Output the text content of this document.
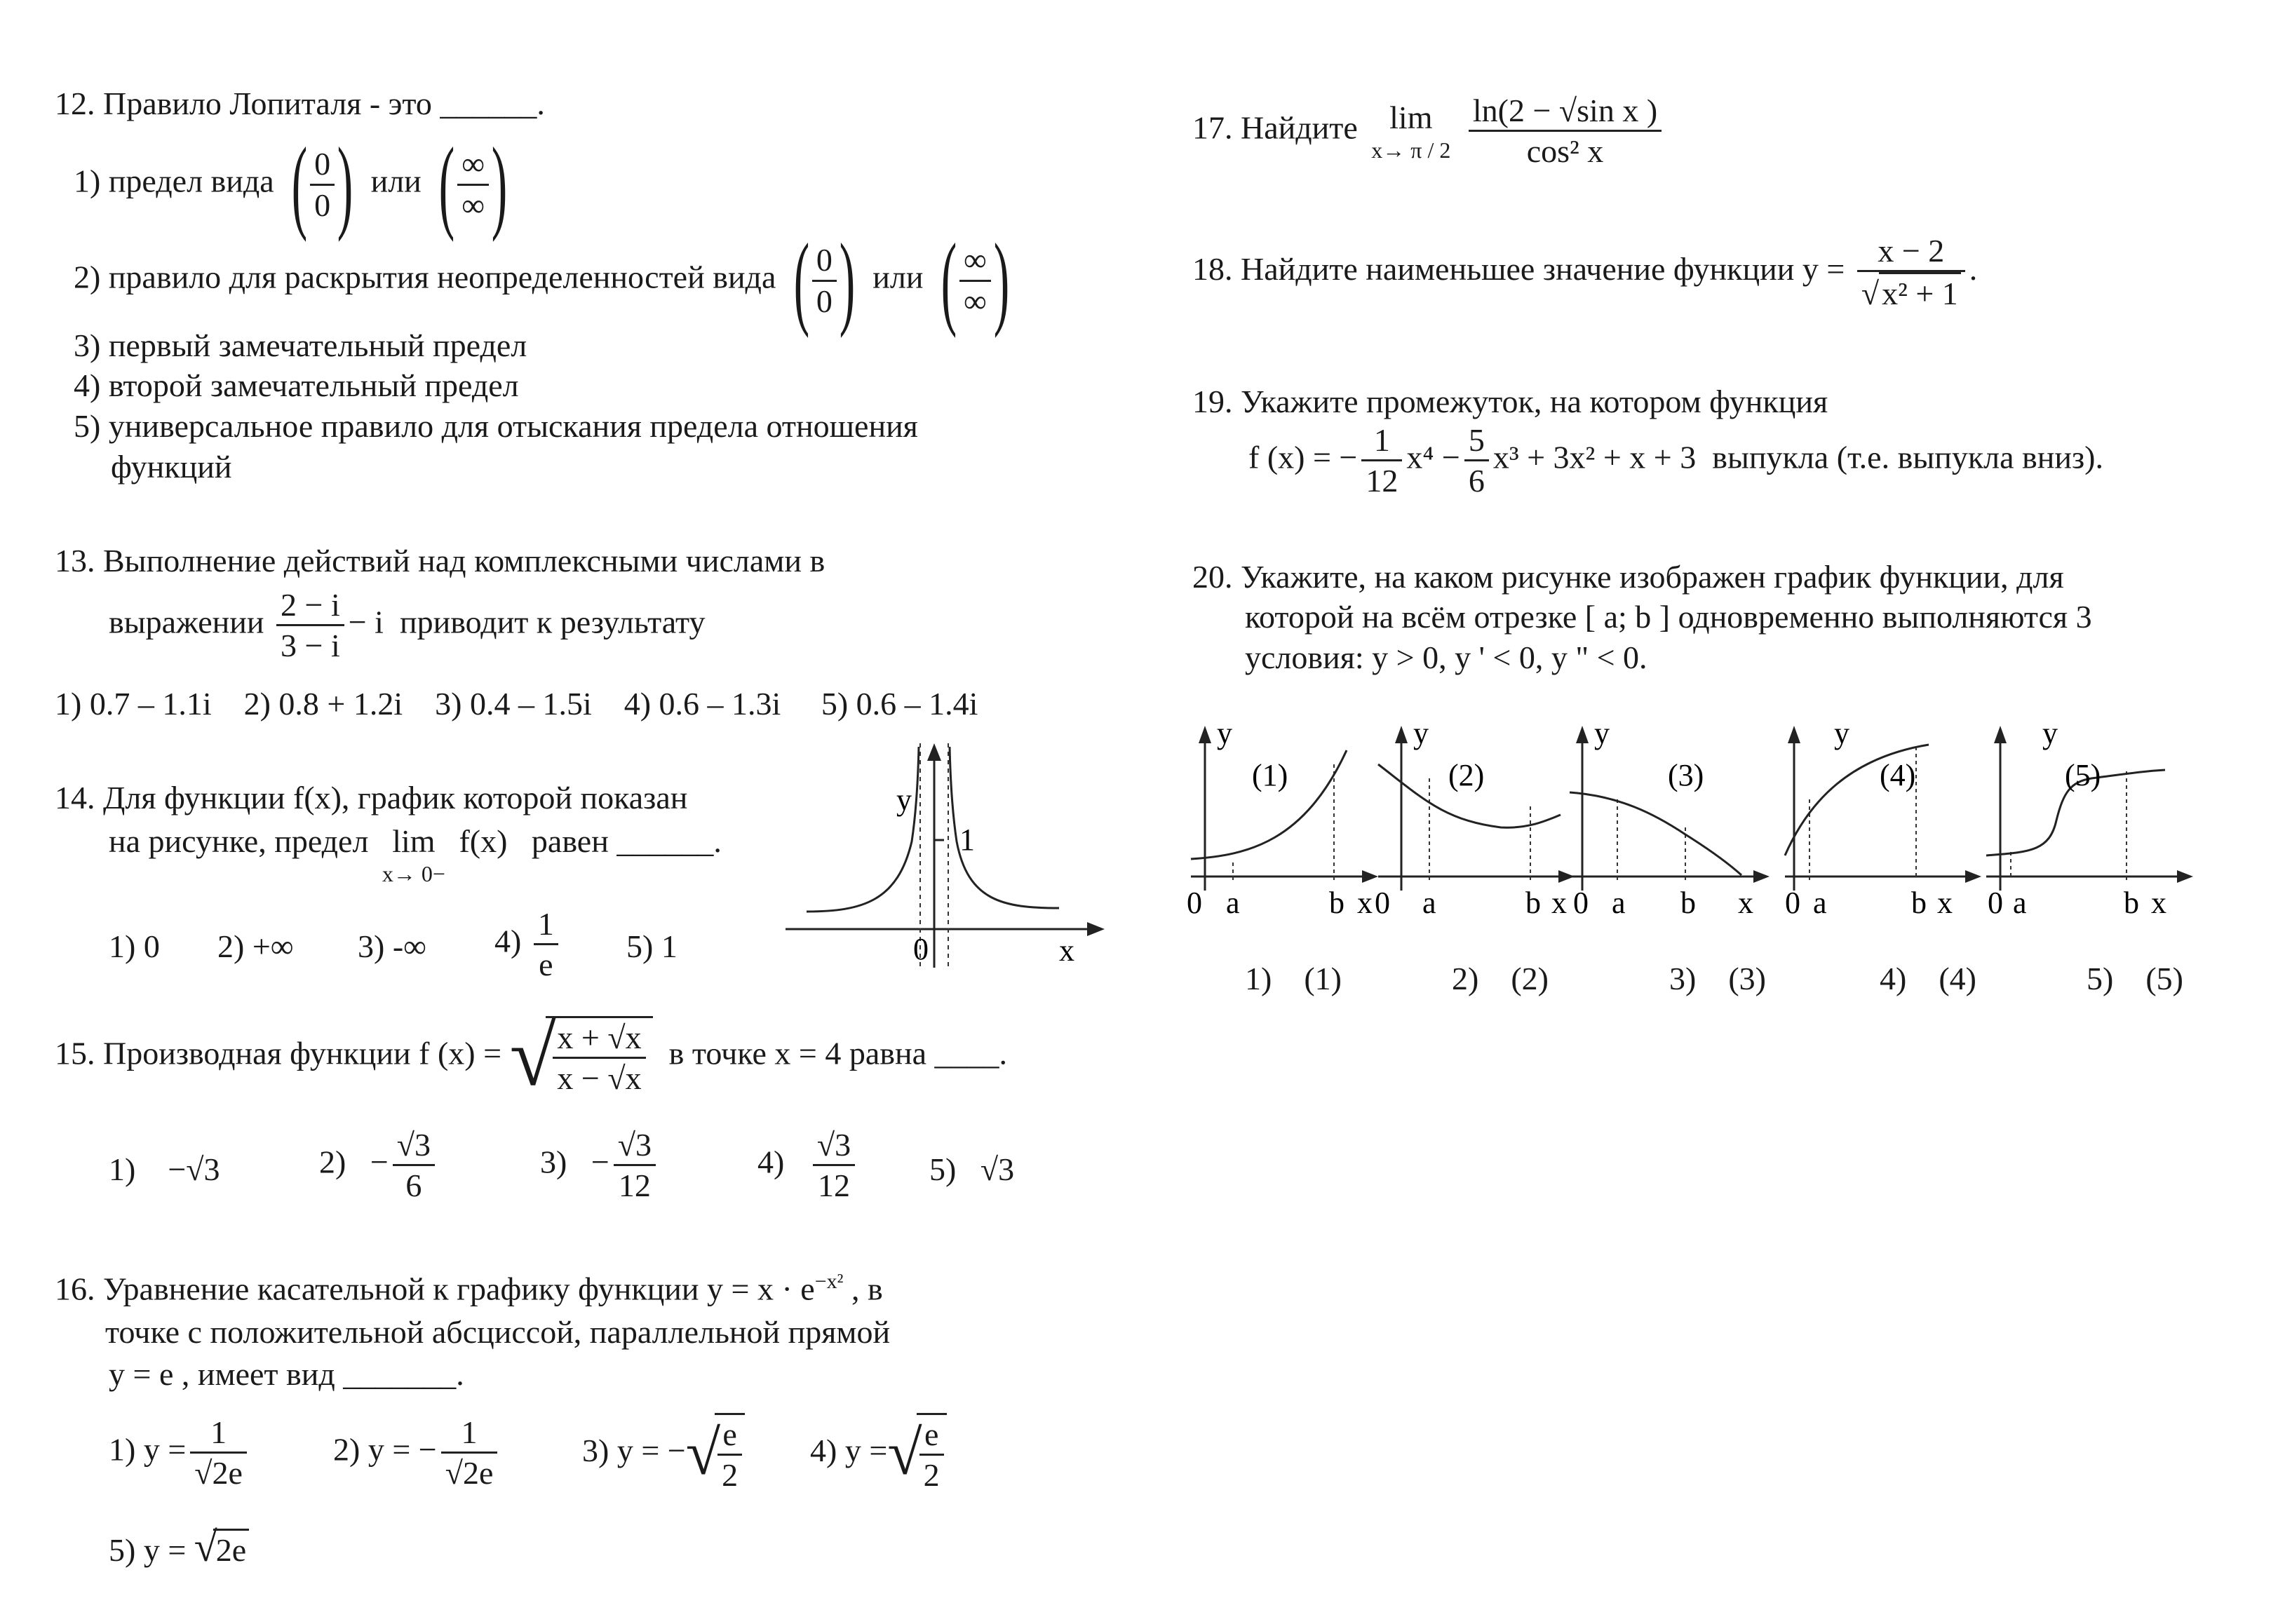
12. Правило Лопиталя - это ______.
1) предел вида ( $\frac{0}{0}$ ) или ( $\frac{\infty}{\infty}$ )
2) правило для раскрытия неопределенностей вида ( $\frac{0}{0}$ ) или ( $\frac{\infty}{\infty}$ )
3) первый замечательный предел
4) второй замечательный предел
5) универсальное правило для отыскания предела отношения
функций
13. Выполнение действий над комплексными числами в
выражении $\frac{2 - i}{3 - i} - i$ приводит к результату
1) 0.7 – 1.1i    2) 0.8 + 1.2i    3) 0.4 – 1.5i    4) 0.6 – 1.3i     5) 0.6 – 1.4i
14. Для функции f(x), график которой показан
на рисунке, предел lim
x→ 0−
f(x) равен ______.
1) 0 2) +∞ 3) -∞ $4) \frac{1}{e} 5$) 1
y
1
0	x
15. Производная функции f (x) = √
$\frac{x + √x}{x - √x}$ в точке x = 4 равна ____.
1) −√3	$2) - \frac{√3}{6}$	$3) - \frac{√3}{12}$	$4) \frac{√3}{12} 5$) √3
16. Уравнение касательной к графику функции $y = x \cdot e^{-x^2}$ , в
точке с положительной абсциссой, параллельной прямой
y = e , имеет вид _______.
1) $y = \frac{1}{√2e}$	2) y = − $\frac{1}{√2e}$	3) y = −√
$\frac{e}{2} 4$) y =√
$\frac{e}{2}$
5) y = √2e
17. Найдите lim
x→ π / 2
$\frac{\text{ln(2 − √sin x )}}{\text{cos² x}}$
18. Найдите наименьшее значение функции $y = \frac{x - 2}{\text{√x² + 1}}$ .
19. Укажите промежуток, на котором функция
f (x) = − $\frac{1}{12} x^4 - \frac{5}{6} x^3 + 3x^2 + x + 3$ выпукла (т.е. выпукла вниз).
20. Укажите, на каком рисунке изображен график функции, для
которой на всём отрезке [ a; b ] одновременно выполняются 3
условия: y > 0, y ' < 0, y " < 0.
y
(1)
0 a	b x
y
(2)
0 a	b x
y
(3)
0 a b x
y
(4)
0 a	b x
y
(5)
0 a	b x
1) (1)	2) (2)	3) (3)	4) (4)	5) (5)
